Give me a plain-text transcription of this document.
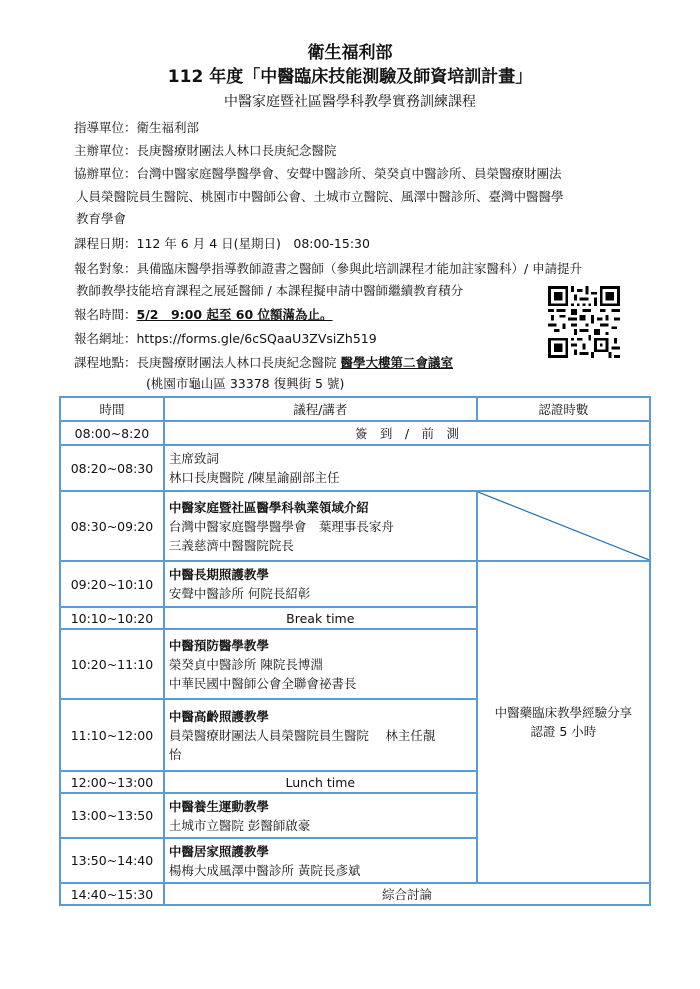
衛生福利部
112 年度「中醫臨床技能測驗及師資培訓計畫」
中醫家庭暨社區醫學科教學實務訓練課程
指導單位：衛生福利部
主辦單位：長庚醫療財團法人林口長庚紀念醫院
協辦單位：台灣中醫家庭醫學醫學會、安聲中醫診所、榮癸貞中醫診所、員榮醫療財團法
人員榮醫院員生醫院、桃園市中醫師公會、土城市立醫院、風澤中醫診所、臺灣中醫醫學
教育學會
課程日期：112 年 6 月 4 日(星期日)　08:00-15:30
報名對象：具備臨床醫學指導教師證書之醫師（參與此培訓課程才能加註家醫科）/ 申請提升
教師教學技能培育課程之展延醫師 / 本課程擬申請中醫師繼續教育積分
報名時間：5/2　9:00 起至 60 位額滿為止。
報名網址：https://forms.gle/6cSQaaU3ZVsiZh519
課程地點：長庚醫療財團法人林口長庚紀念醫院 醫學大樓第二會議室
(桃園市龜山區 33378 復興街 5 號)
時間	議程/講者	認證時數
08:00~8:20	簽　到　/　前　測	
08:20~08:30	主席致詞
林口長庚醫院 /陳星諭副部主任	

08:30~09:20	中醫家庭暨社區醫學科執業領域介紹
台灣中醫家庭醫學醫學會　葉理事長家舟
三義慈濟中醫醫院院長

09:20~10:10	中醫長期照護教學
安聲中醫診所 何院長紹彰	中醫藥臨床教學經驗分享
認證 5 小時

10:10~10:20	Break time	
10:20~11:10	中醫預防醫學教學
榮癸貞中醫診所 陳院長博淵
中華民國中醫師公會全聯會祕書長	

11:10~12:00	中醫高齡照護教學
員榮醫療財團法人員榮醫院員生醫院　 林主任靚
怡	

12:00~13:00	Lunch time	
13:00~13:50	中醫養生運動教學
土城市立醫院 彭醫師啟豪	

13:50~14:40	中醫居家照護教學
楊梅大成風澤中醫診所 黃院長彥斌	

14:40~15:30	綜合討論	
